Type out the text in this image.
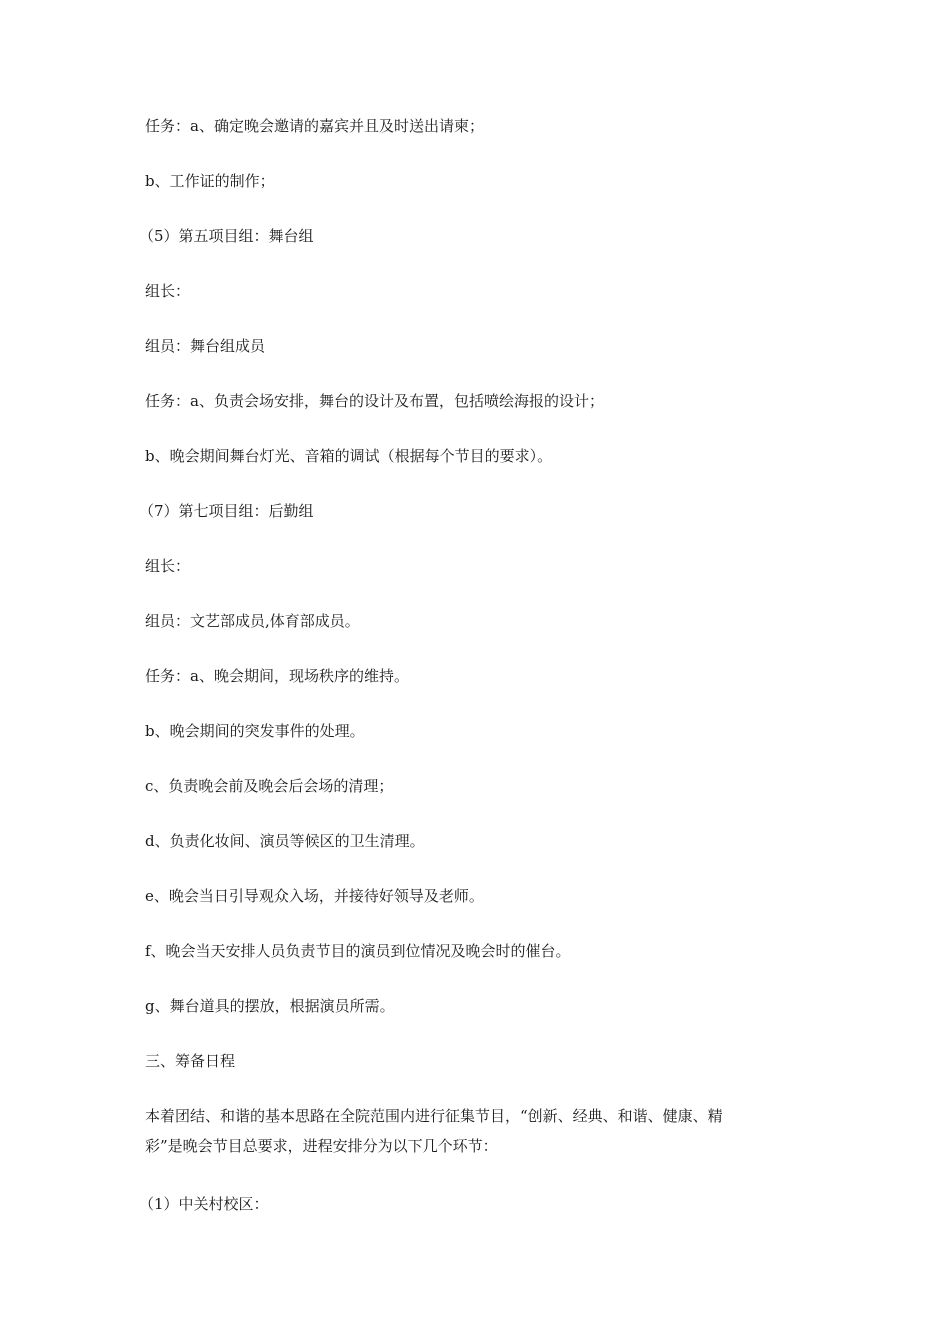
任务：a、确定晚会邀请的嘉宾并且及时送出请柬；
b、工作证的制作；
（5）第五项目组：舞台组
组长：
组员：舞台组成员
任务：a、负责会场安排，舞台的设计及布置，包括喷绘海报的设计；
b、晚会期间舞台灯光、音箱的调试（根据每个节目的要求）。
（7）第七项目组：后勤组
组长：
组员：文艺部成员,体育部成员。
任务：a、晚会期间，现场秩序的维持。
b、晚会期间的突发事件的处理。
c、负责晚会前及晚会后会场的清理；
d、负责化妆间、演员等候区的卫生清理。
e、晚会当日引导观众入场，并接待好领导及老师。
f、晚会当天安排人员负责节目的演员到位情况及晚会时的催台。
g、舞台道具的摆放，根据演员所需。
三、筹备日程
本着团结、和谐的基本思路在全院范围内进行征集节目，“创新、经典、和谐、健康、精
彩”是晚会节目总要求，进程安排分为以下几个环节：
（1）中关村校区：
